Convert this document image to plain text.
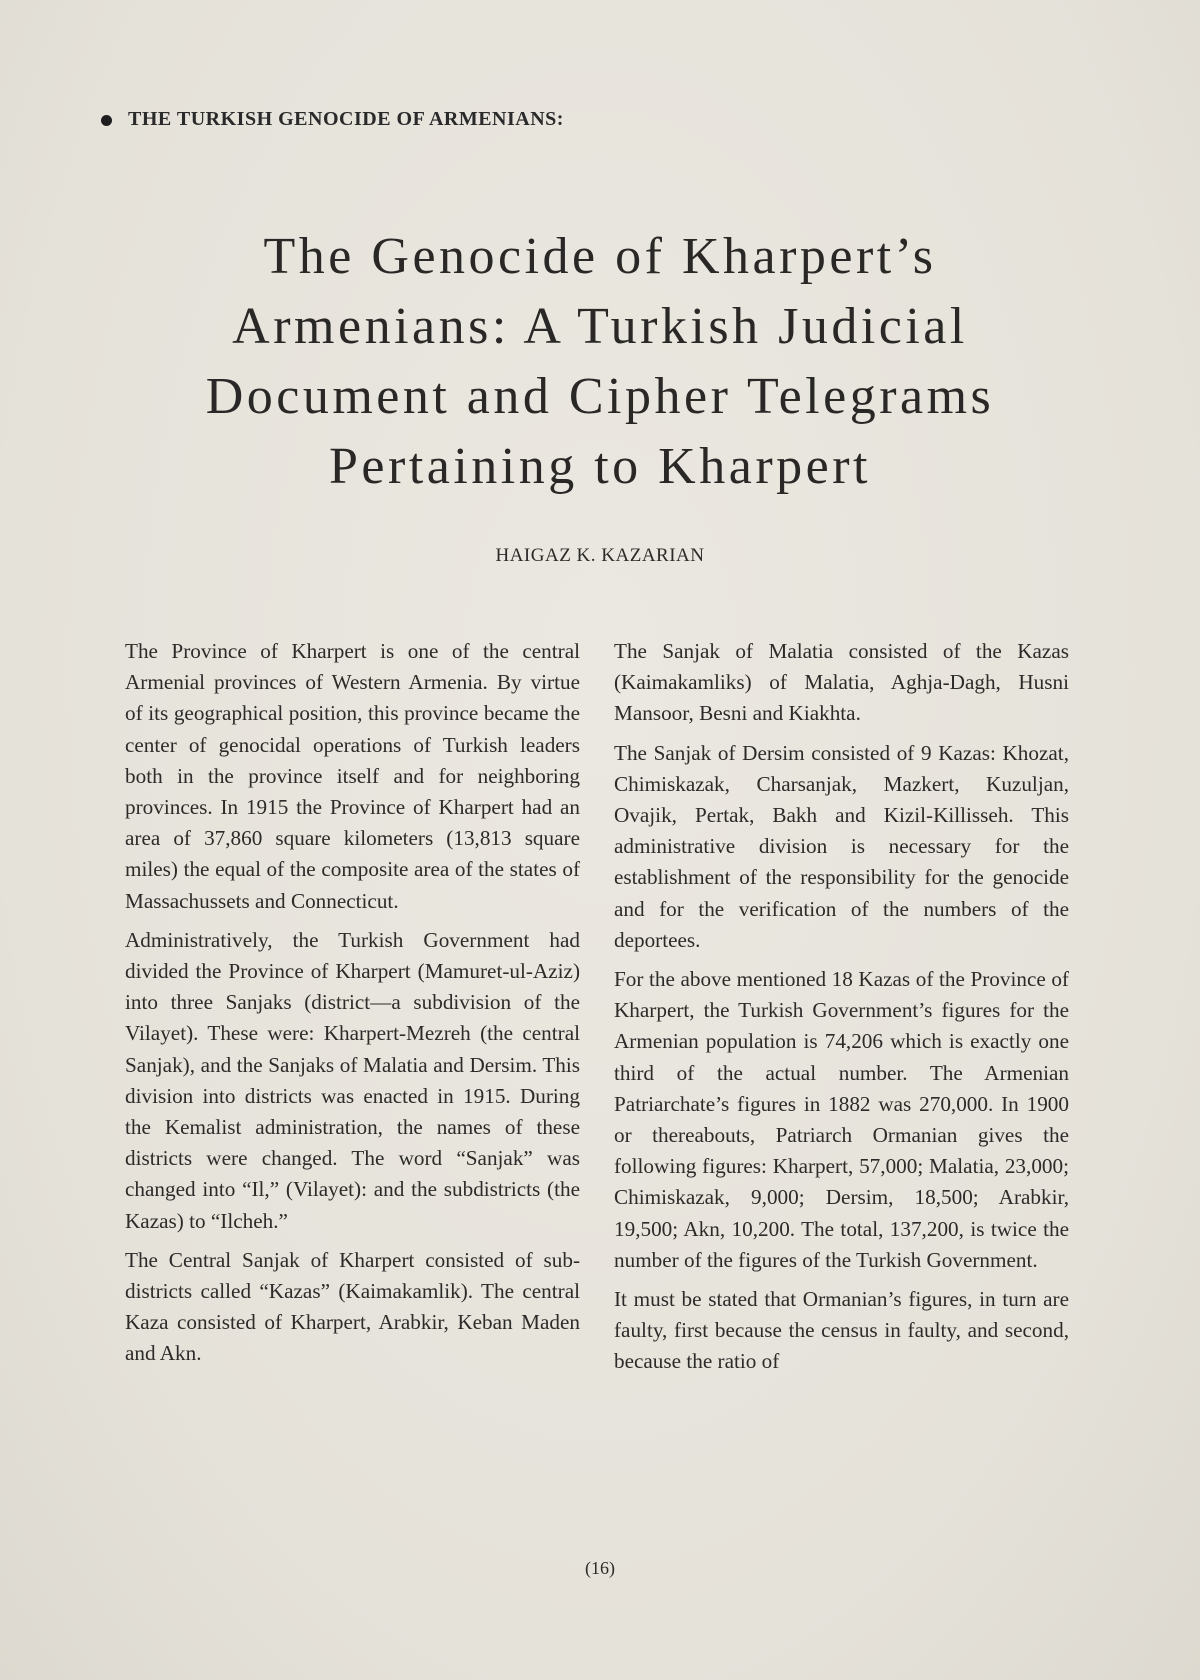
THE TURKISH GENOCIDE OF ARMENIANS:
The Genocide of Kharpert’s
Armenians: A Turkish Judicial
Document and Cipher Telegrams
Pertaining to Kharpert
HAIGAZ K. KAZARIAN

The Province of Kharpert is one of the central Armenial provinces of Western Armenia. By virtue of its geographical position, this province became the center of genocidal operations of Turkish leaders both in the province itself and for neighboring provinces. In 1915 the Province of Kharpert had an area of 37,860 square kilometers (13,813 square miles) the equal of the composite area of the states of Massachussets and Connecticut.

Administratively, the Turkish Government had divided the Province of Kharpert (Mamuret-ul-Aziz) into three Sanjaks (district—a subdivision of the Vilayet). These were: Kharpert-Mezreh (the central Sanjak), and the Sanjaks of Malatia and Dersim. This division into districts was enacted in 1915. During the Kemalist administration, the names of these districts were changed. The word “Sanjak” was changed into “Il,” (Vilayet): and the subdistricts (the Kazas) to “Ilcheh.”

The Central Sanjak of Kharpert consisted of sub-districts called “Kazas” (Kaimakamlik). The central Kaza consisted of Kharpert, Arabkir, Keban Maden and Akn.

The Sanjak of Malatia consisted of the Kazas (Kaimakamliks) of Malatia, Aghja-Dagh, Husni Mansoor, Besni and Kiakhta.

The Sanjak of Dersim consisted of 9 Kazas: Khozat, Chimiskazak, Charsanjak, Mazkert, Kuzuljan, Ovajik, Pertak, Bakh and Kizil-Killisseh. This administrative division is necessary for the establishment of the responsibility for the genocide and for the verification of the numbers of the deportees.

For the above mentioned 18 Kazas of the Province of Kharpert, the Turkish Government’s figures for the Armenian population is 74,206 which is exactly one third of the actual number. The Armenian Patriarchate’s figures in 1882 was 270,000. In 1900 or thereabouts, Patriarch Ormanian gives the following figures: Kharpert, 57,000; Malatia, 23,000; Chimiskazak, 9,000; Dersim, 18,500; Arabkir, 19,500; Akn, 10,200. The total, 137,200, is twice the number of the figures of the Turkish Government.

It must be stated that Ormanian’s figures, in turn are faulty, first because the census in faulty, and second, because the ratio of

(16)
